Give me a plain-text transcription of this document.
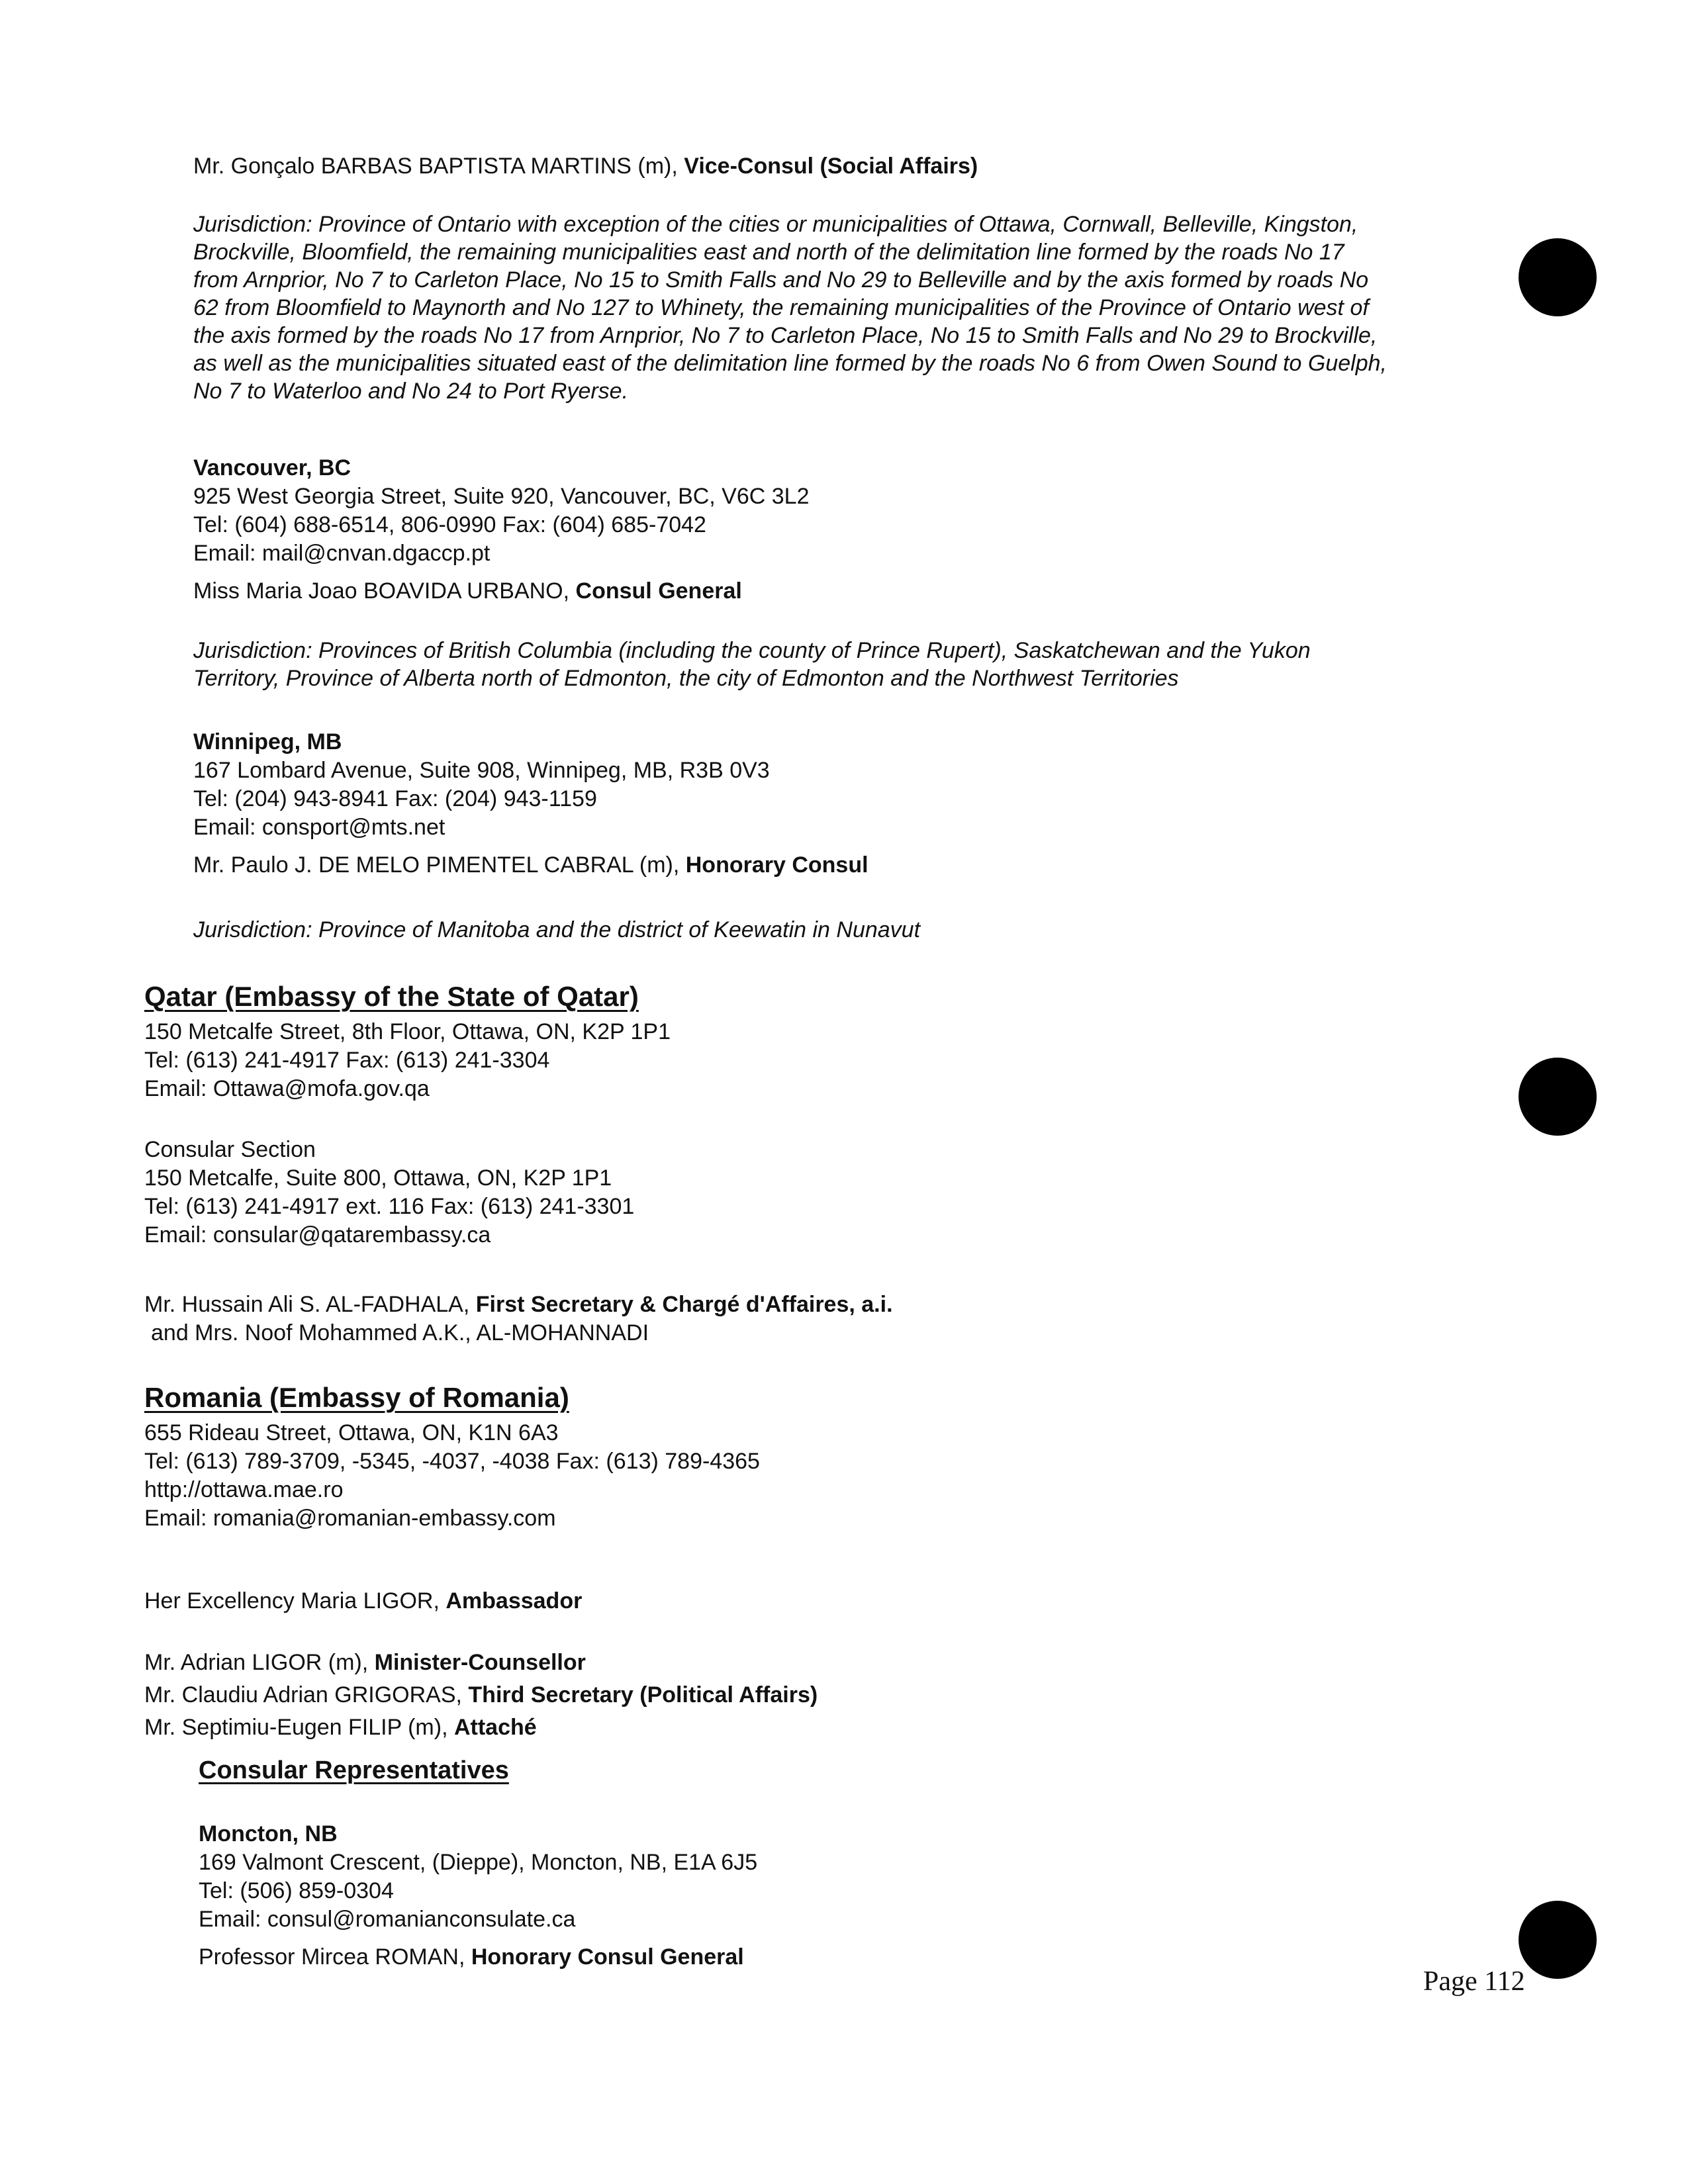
Mr. Gonçalo BARBAS BAPTISTA MARTINS (m), Vice-Consul (Social Affairs)
Jurisdiction: Province of Ontario with exception of the cities or municipalities of Ottawa, Cornwall, Belleville, Kingston,
Brockville, Bloomfield, the remaining municipalities east and north of the delimitation line formed by the roads No 17
from Arnprior, No 7 to Carleton Place, No 15 to Smith Falls and No 29 to Belleville and by the axis formed by roads No
62 from Bloomfield to Maynorth and No 127 to Whinety, the remaining municipalities of the Province of Ontario west of
the axis formed by the roads No 17 from Arnprior, No 7 to Carleton Place, No 15 to Smith Falls and No 29 to Brockville,
as well as the municipalities situated east of the delimitation line formed by the roads No 6 from Owen Sound to Guelph,
No 7 to Waterloo and No 24 to Port Ryerse.
Vancouver, BC
925 West Georgia Street, Suite 920, Vancouver, BC, V6C 3L2
Tel: (604) 688-6514, 806-0990 Fax: (604) 685-7042
Email: mail@cnvan.dgaccp.pt
Miss Maria Joao BOAVIDA URBANO, Consul General
Jurisdiction: Provinces of British Columbia (including the county of Prince Rupert), Saskatchewan and the Yukon
Territory, Province of Alberta north of Edmonton, the city of Edmonton and the Northwest Territories
Winnipeg, MB
167 Lombard Avenue, Suite 908, Winnipeg, MB, R3B 0V3
Tel: (204) 943-8941 Fax: (204) 943-1159
Email: consport@mts.net
Mr. Paulo J. DE MELO PIMENTEL CABRAL (m), Honorary Consul
Jurisdiction: Province of Manitoba and the district of Keewatin in Nunavut
Qatar (Embassy of the State of Qatar)
150 Metcalfe Street, 8th Floor, Ottawa, ON, K2P 1P1
Tel: (613) 241-4917 Fax: (613) 241-3304
Email: Ottawa@mofa.gov.qa
Consular Section
150 Metcalfe, Suite 800, Ottawa, ON, K2P 1P1
Tel: (613) 241-4917 ext. 116 Fax: (613) 241-3301
Email: consular@qatarembassy.ca
Mr. Hussain Ali S. AL-FADHALA, First Secretary & Chargé d'Affaires, a.i.
and Mrs. Noof Mohammed A.K., AL-MOHANNADI
Romania (Embassy of Romania)
655 Rideau Street, Ottawa, ON, K1N 6A3
Tel: (613) 789-3709, -5345, -4037, -4038 Fax: (613) 789-4365
http://ottawa.mae.ro
Email: romania@romanian-embassy.com
Her Excellency Maria LIGOR, Ambassador
Mr. Adrian LIGOR (m), Minister-Counsellor
Mr. Claudiu Adrian GRIGORAS, Third Secretary (Political Affairs)
Mr. Septimiu-Eugen FILIP (m), Attaché
Consular Representatives
Moncton, NB
169 Valmont Crescent, (Dieppe), Moncton, NB, E1A 6J5
Tel: (506) 859-0304
Email: consul@romanianconsulate.ca
Professor Mircea ROMAN, Honorary Consul General
Page 112
